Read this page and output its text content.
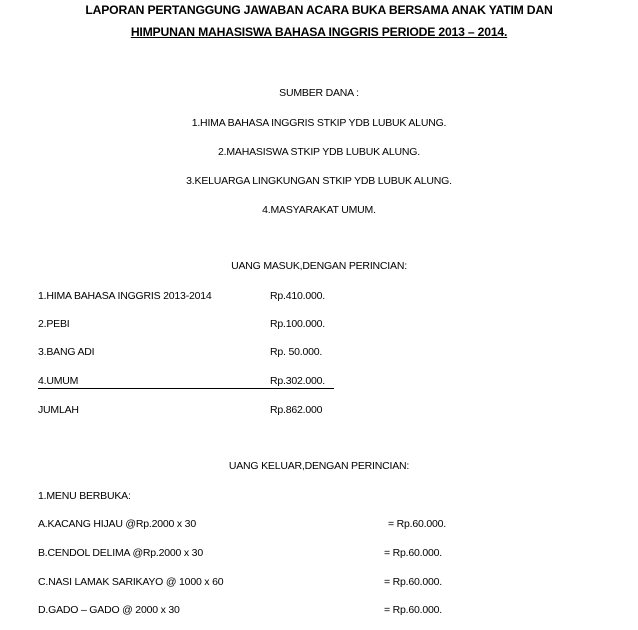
LAPORAN PERTANGGUNG JAWABAN ACARA BUKA BERSAMA ANAK YATIM DAN
HIMPUNAN MAHASISWA BAHASA INGGRIS PERIODE 2013 – 2014.
SUMBER DANA :
1.HIMA BAHASA INGGRIS STKIP YDB LUBUK ALUNG.
2.MAHASISWA STKIP YDB LUBUK ALUNG.
3.KELUARGA LINGKUNGAN STKIP YDB LUBUK ALUNG.
4.MASYARAKAT UMUM.
UANG MASUK,DENGAN PERINCIAN:
1.HIMA BAHASA INGGRIS 2013-2014	Rp.410.000.
2.PEBI	Rp.100.000.
3.BANG ADI	Rp. 50.000.
4.UMUM	Rp.302.000.
JUMLAH	Rp.862.000
UANG KELUAR,DENGAN PERINCIAN:
1.MENU BERBUKA:
A.KACANG HIJAU @Rp.2000 x 30	= Rp.60.000.
B.CENDOL DELIMA @Rp.2000 x 30	= Rp.60.000.
C.NASI LAMAK SARIKAYO @ 1000 x 60	= Rp.60.000.
D.GADO – GADO @ 2000 x 30	= Rp.60.000.
